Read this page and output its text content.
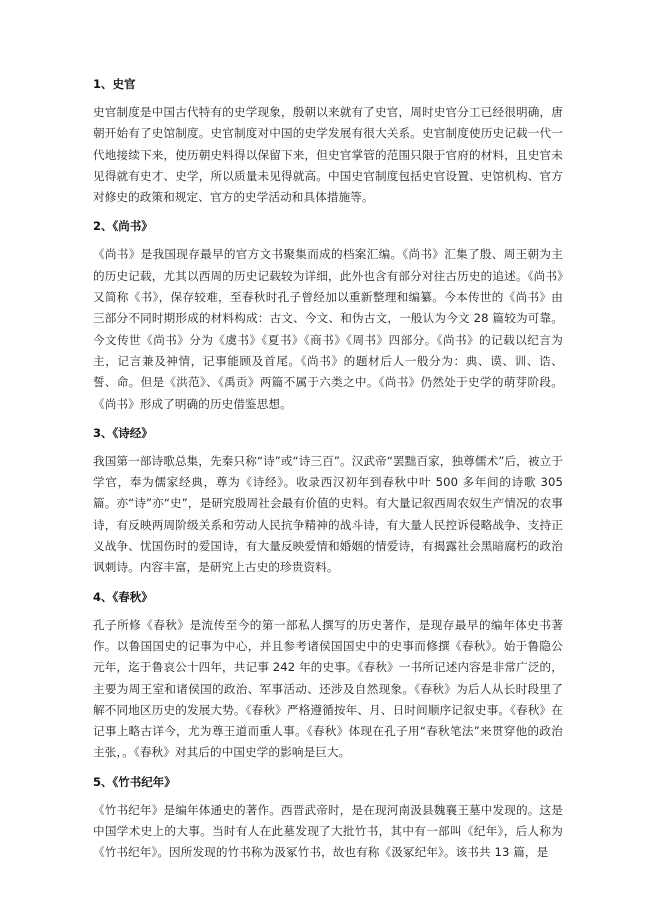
1、史官

史官制度是中国古代特有的史学现象，殷朝以来就有了史官，周时史官分工已经很明确，唐朝开始有了史馆制度。史官制度对中国的史学发展有很大关系。史官制度使历史记载一代一代地接续下来，使历朝史料得以保留下来，但史官掌管的范围只限于官府的材料，且史官未见得就有史才、史学，所以质量未见得就高。中国史官制度包括史官设置、史馆机构、官方对修史的政策和规定、官方的史学活动和具体措施等。

2、《尚书》

《尚书》是我国现存最早的官方文书聚集而成的档案汇编。《尚书》汇集了殷、周王朝为主的历史记载，尤其以西周的历史记载较为详细，此外也含有部分对往古历史的追述。《尚书》又简称《书》，保存较难，至春秋时孔子曾经加以重新整理和编纂。今本传世的《尚书》由三部分不同时期形成的材料构成：古文、今文、和伪古文，一般认为今文 28 篇较为可靠。今文传世《尚书》分为《虞书》《夏书》《商书》《周书》四部分。《尚书》的记载以纪言为主，记言兼及神情，记事能顾及首尾。《尚书》的题材后人一般分为：典、谟、训、诰、誓、命。但是《洪范》、《禹贡》两篇不属于六类之中。《尚书》仍然处于史学的萌芽阶段。《尚书》形成了明确的历史借鉴思想。

3、《诗经》

我国第一部诗歌总集，先秦只称“诗”或“诗三百”。汉武帝“罢黜百家，独尊儒术”后，被立于学官，奉为儒家经典，尊为《诗经》。收录西汉初年到春秋中叶 500 多年间的诗歌 305 篇。亦“诗”亦“史”，是研究殷周社会最有价值的史料。有大量记叙西周农奴生产情况的农事诗，有反映两周阶级关系和劳动人民抗争精神的战斗诗，有大量人民控诉侵略战争、支持正义战争、忧国伤时的爱国诗，有大量反映爱情和婚姻的情爱诗，有揭露社会黑暗腐朽的政治讽刺诗。内容丰富，是研究上古史的珍贵资料。

4、《春秋》

孔子所修《春秋》是流传至今的第一部私人撰写的历史著作，是现存最早的编年体史书著作。以鲁国国史的记事为中心，并且参考诸侯国国史中的史事而修撰《春秋》。始于鲁隐公元年，迄于鲁哀公十四年，共记事 242 年的史事。《春秋》一书所记述内容是非常广泛的，主要为周王室和诸侯国的政治、军事活动、还涉及自然现象。《春秋》为后人从长时段里了解不同地区历史的发展大势。《春秋》严格遵循按年、月、日时间顺序记叙史事。《春秋》在记事上略古详今，尤为尊王道而重人事。《春秋》体现在孔子用“春秋笔法”来贯穿他的政治主张，。《春秋》对其后的中国史学的影响是巨大。

5、《竹书纪年》

《竹书纪年》是编年体通史的著作。西晋武帝时，是在现河南汲县魏襄王墓中发现的。这是中国学术史上的大事。当时有人在此墓发现了大批竹书，其中有一部叫《纪年》，后人称为《竹书纪年》。因所发现的竹书称为汲冢竹书，故也有称《汲冢纪年》。该书共 13 篇，是
